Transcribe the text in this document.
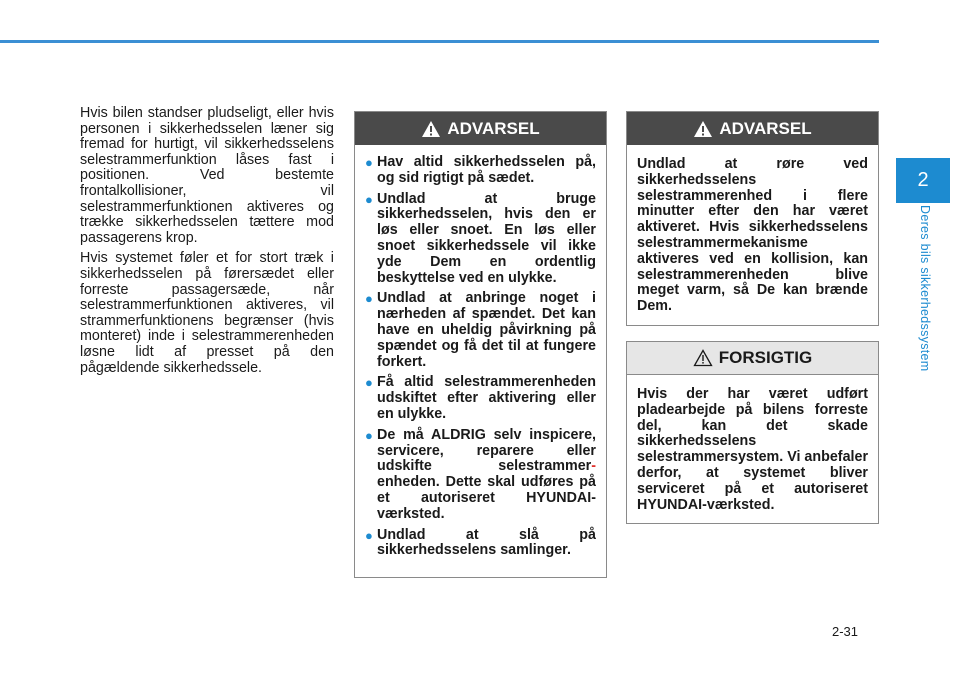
2
Deres bils sikkerhedssystem

Hvis bilen standser pludseligt, eller hvis personen i sikkerhedsselen læner sig fremad for hurtigt, vil sikkerhedsselens selestrammerfunktion låses fast i positionen. Ved bestemte frontalkollisioner, vil selestrammerfunktionen aktiveres og trække sikkerhedsselen tættere mod passagerens krop.

Hvis systemet føler et for stort træk i sikkerhedsselen på førersædet eller forreste passagersæde, når selestrammerfunktionen aktiveres, vil strammerfunktionens begrænser (hvis monteret) inde i selestrammerenheden løsne lidt af presset på den pågældende sikkerhedssele.

ADVARSEL
● Hav altid sikkerhedsselen på, og sid rigtigt på sædet.
● Undlad at bruge sikkerhedsselen, hvis den er løs eller snoet. En løs eller snoet sikkerhedssele vil ikke yde Dem en ordentlig beskyttelse ved en ulykke.
● Undlad at anbringe noget i nærheden af spændet. Det kan have en uheldig påvirkning på spændet og få det til at fungere forkert.
● Få altid selestrammerenheden udskiftet efter aktivering eller en ulykke.
● De må ALDRIG selv inspicere, servicere, reparere eller udskifte selestrammer- enheden. Dette skal udføres på et autoriseret HYUNDAI-værksted.
● Undlad at slå på sikkerhedsselens samlinger.
ADVARSEL
Undlad at røre ved sikkerhedsselens selestrammerenhed i flere minutter efter den har været aktiveret. Hvis sikkerhedsselens selestrammermekanisme aktiveres ved en kollision, kan selestrammerenheden blive meget varm, så De kan brænde Dem.
FORSIGTIG
Hvis der har været udført pladearbejde på bilens forreste del, kan det skade sikkerhedsselens selestrammersystem. Vi anbefaler derfor, at systemet bliver serviceret på et autoriseret HYUNDAI-værksted.
2-31
